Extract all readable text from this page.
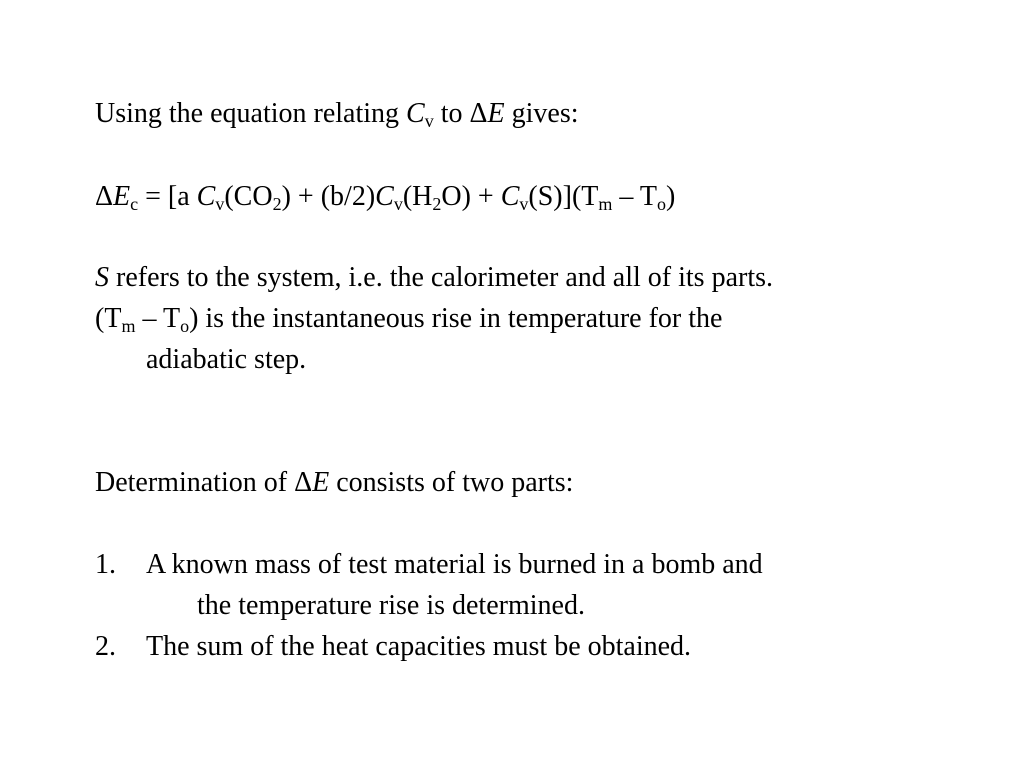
Using the equation relating $C_v$ to ΔE gives:
$\Delta E_c = [a$ $C_v(CO_2) + (b/2)C_v(H_2O) + C_v(S)](T_m - T_o)$
S refers to the system, i.e. the calorimeter and all of its parts.
$(T_m - T_o)$ is the instantaneous rise in temperature for the
adiabatic step.
Determination of ΔE consists of two parts:
1. A known mass of test material is burned in a bomb and
the temperature rise is determined.
2. The sum of the heat capacities must be obtained.
